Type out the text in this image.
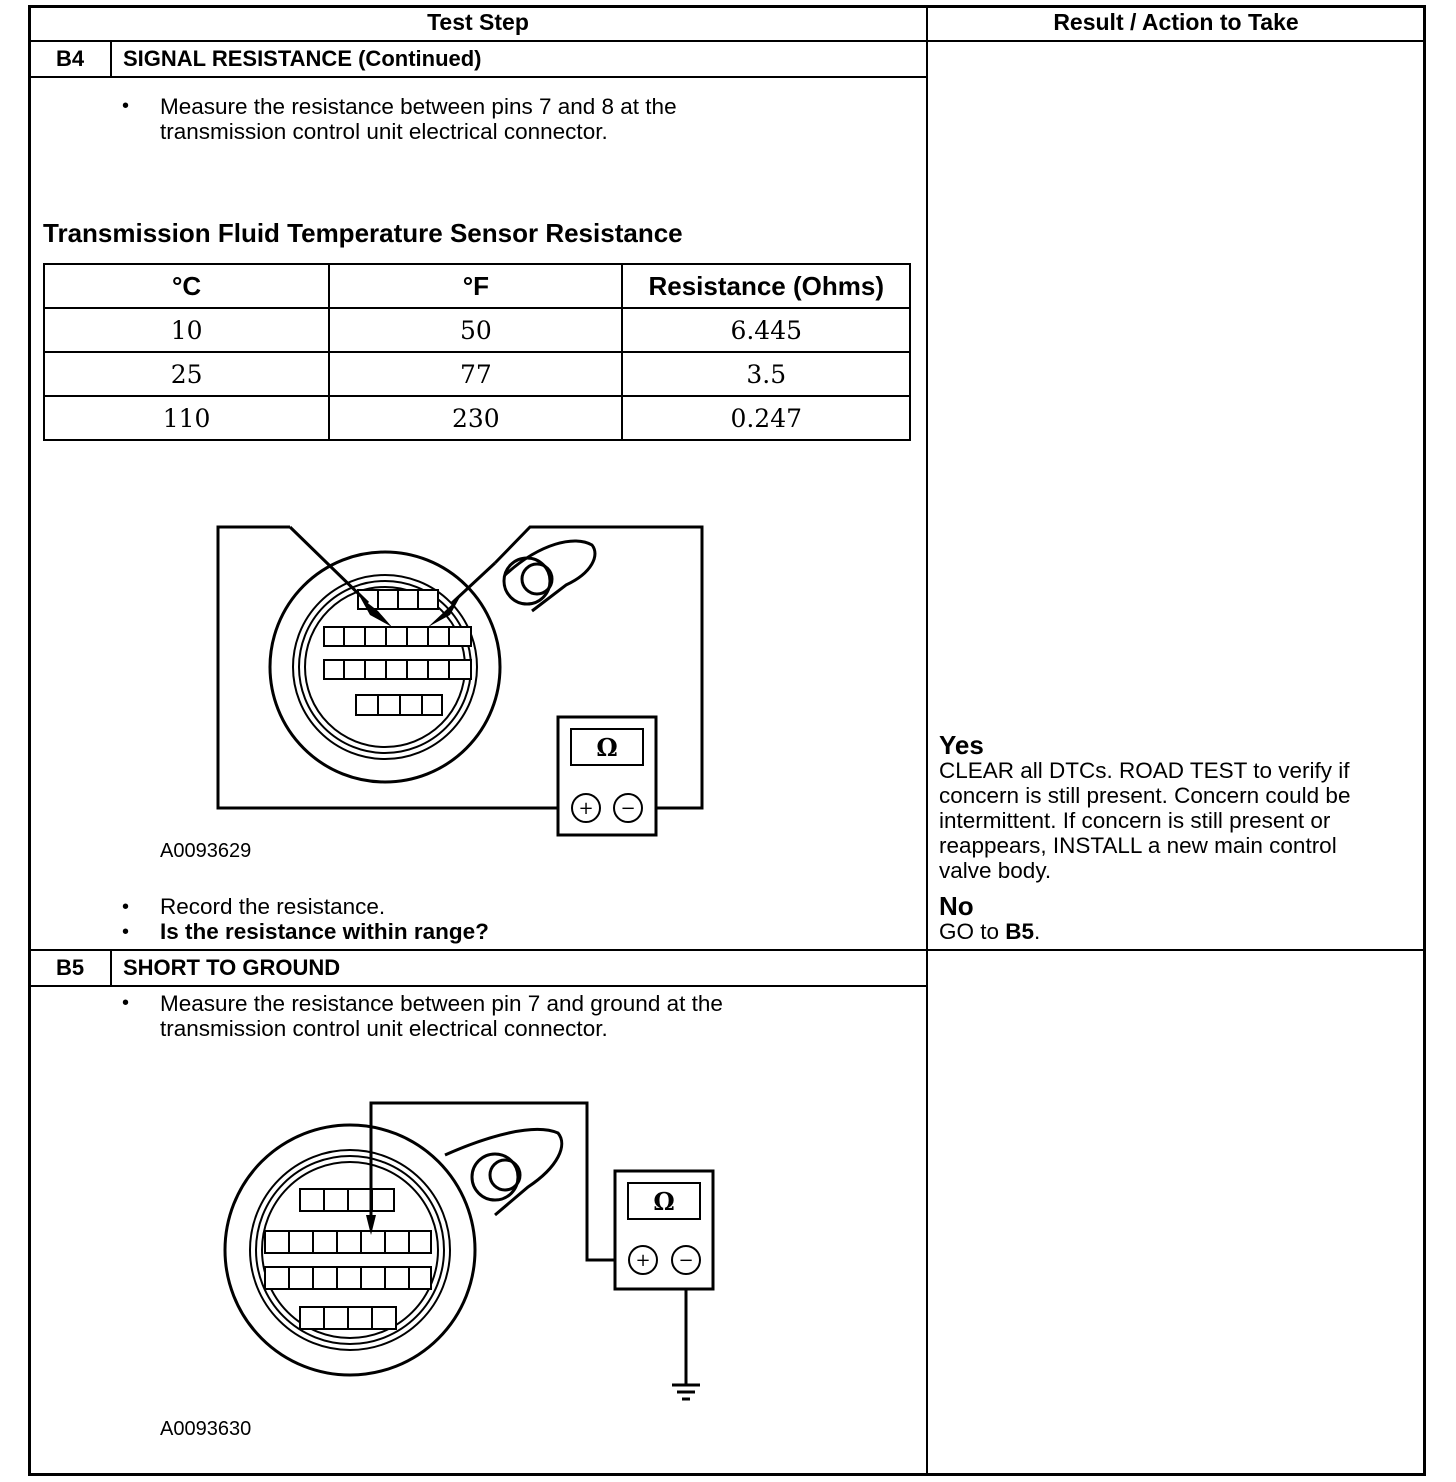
Test Step	Result / Action to Take
B4	SIGNAL RESISTANCE (Continued)
• Measure the resistance between pins 7 and 8 at the
transmission control unit electrical connector.
Transmission Fluid Temperature Sensor Resistance
°C	°F	Resistance (Ohms)
10	50	6.445
25	77	3.5
110	230	0.247
Ω
+ −
A0093629
• Record the resistance.
• Is the resistance within range?
Yes
CLEAR all DTCs. ROAD TEST to verify if
concern is still present. Concern could be
intermittent. If concern is still present or
reappears, INSTALL a new main control
valve body.
No
GO to B5.
B5	SHORT TO GROUND
• Measure the resistance between pin 7 and ground at the
transmission control unit electrical connector.
Ω
+ −
A0093630
